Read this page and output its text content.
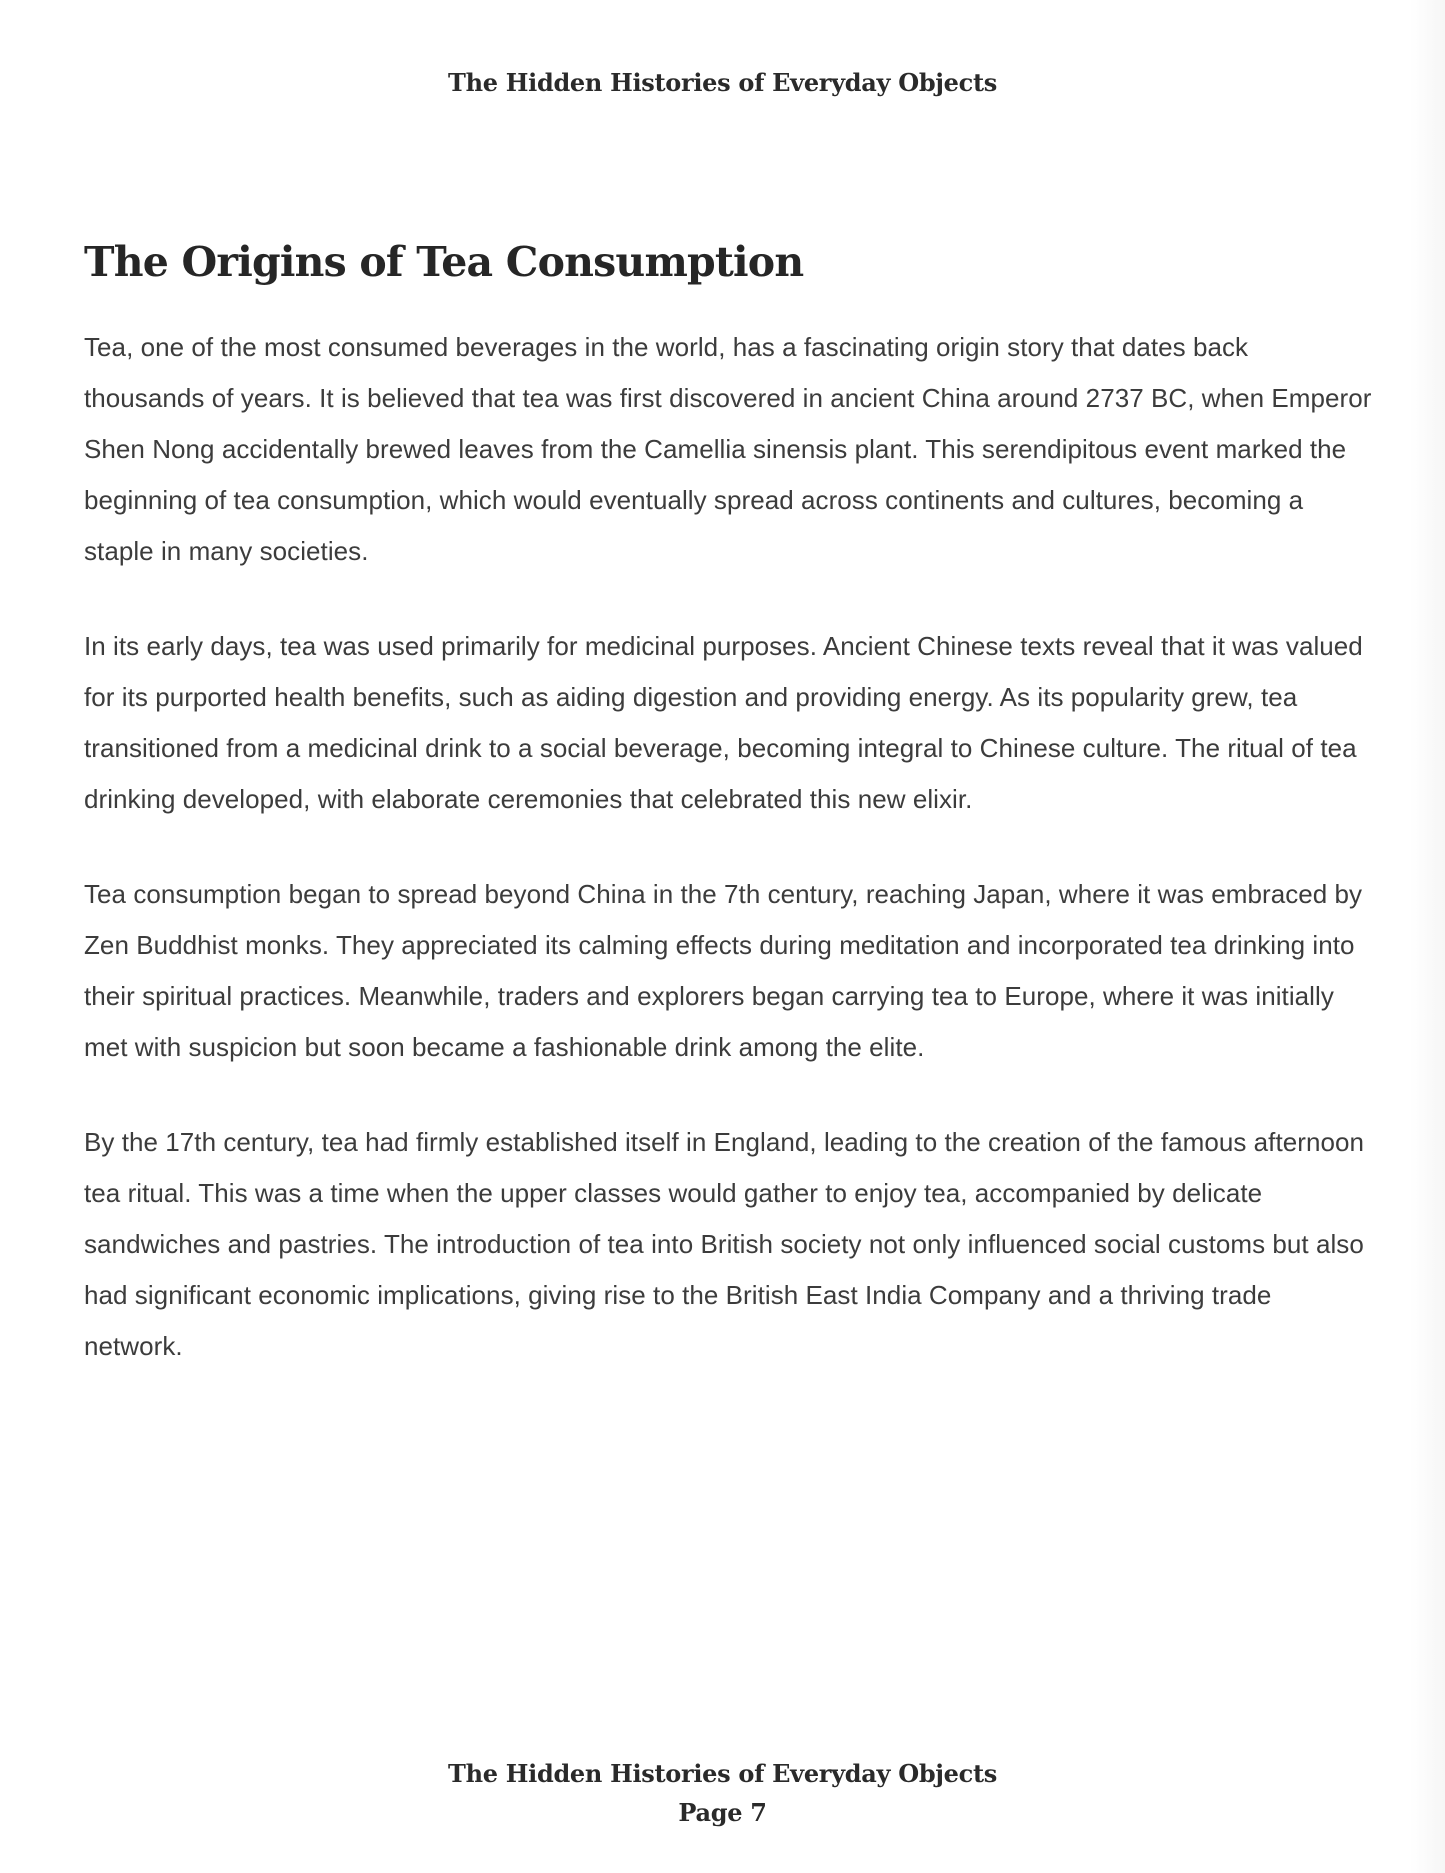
The Hidden Histories of Everyday Objects
The Origins of Tea Consumption

Tea, one of the most consumed beverages in the world, has a fascinating origin story that dates back thousands of years. It is believed that tea was first discovered in ancient China around 2737 BC, when Emperor Shen Nong accidentally brewed leaves from the Camellia sinensis plant. This serendipitous event marked the beginning of tea consumption, which would eventually spread across continents and cultures, becoming a staple in many societies.

In its early days, tea was used primarily for medicinal purposes. Ancient Chinese texts reveal that it was valued for its purported health benefits, such as aiding digestion and providing energy. As its popularity grew, tea transitioned from a medicinal drink to a social beverage, becoming integral to Chinese culture. The ritual of tea drinking developed, with elaborate ceremonies that celebrated this new elixir.

Tea consumption began to spread beyond China in the 7th century, reaching Japan, where it was embraced by Zen Buddhist monks. They appreciated its calming effects during meditation and incorporated tea drinking into their spiritual practices. Meanwhile, traders and explorers began carrying tea to Europe, where it was initially met with suspicion but soon became a fashionable drink among the elite.

By the 17th century, tea had firmly established itself in England, leading to the creation of the famous afternoon tea ritual. This was a time when the upper classes would gather to enjoy tea, accompanied by delicate sandwiches and pastries. The introduction of tea into British society not only influenced social customs but also had significant economic implications, giving rise to the British East India Company and a thriving trade network.

The Hidden Histories of Everyday Objects
Page 7
